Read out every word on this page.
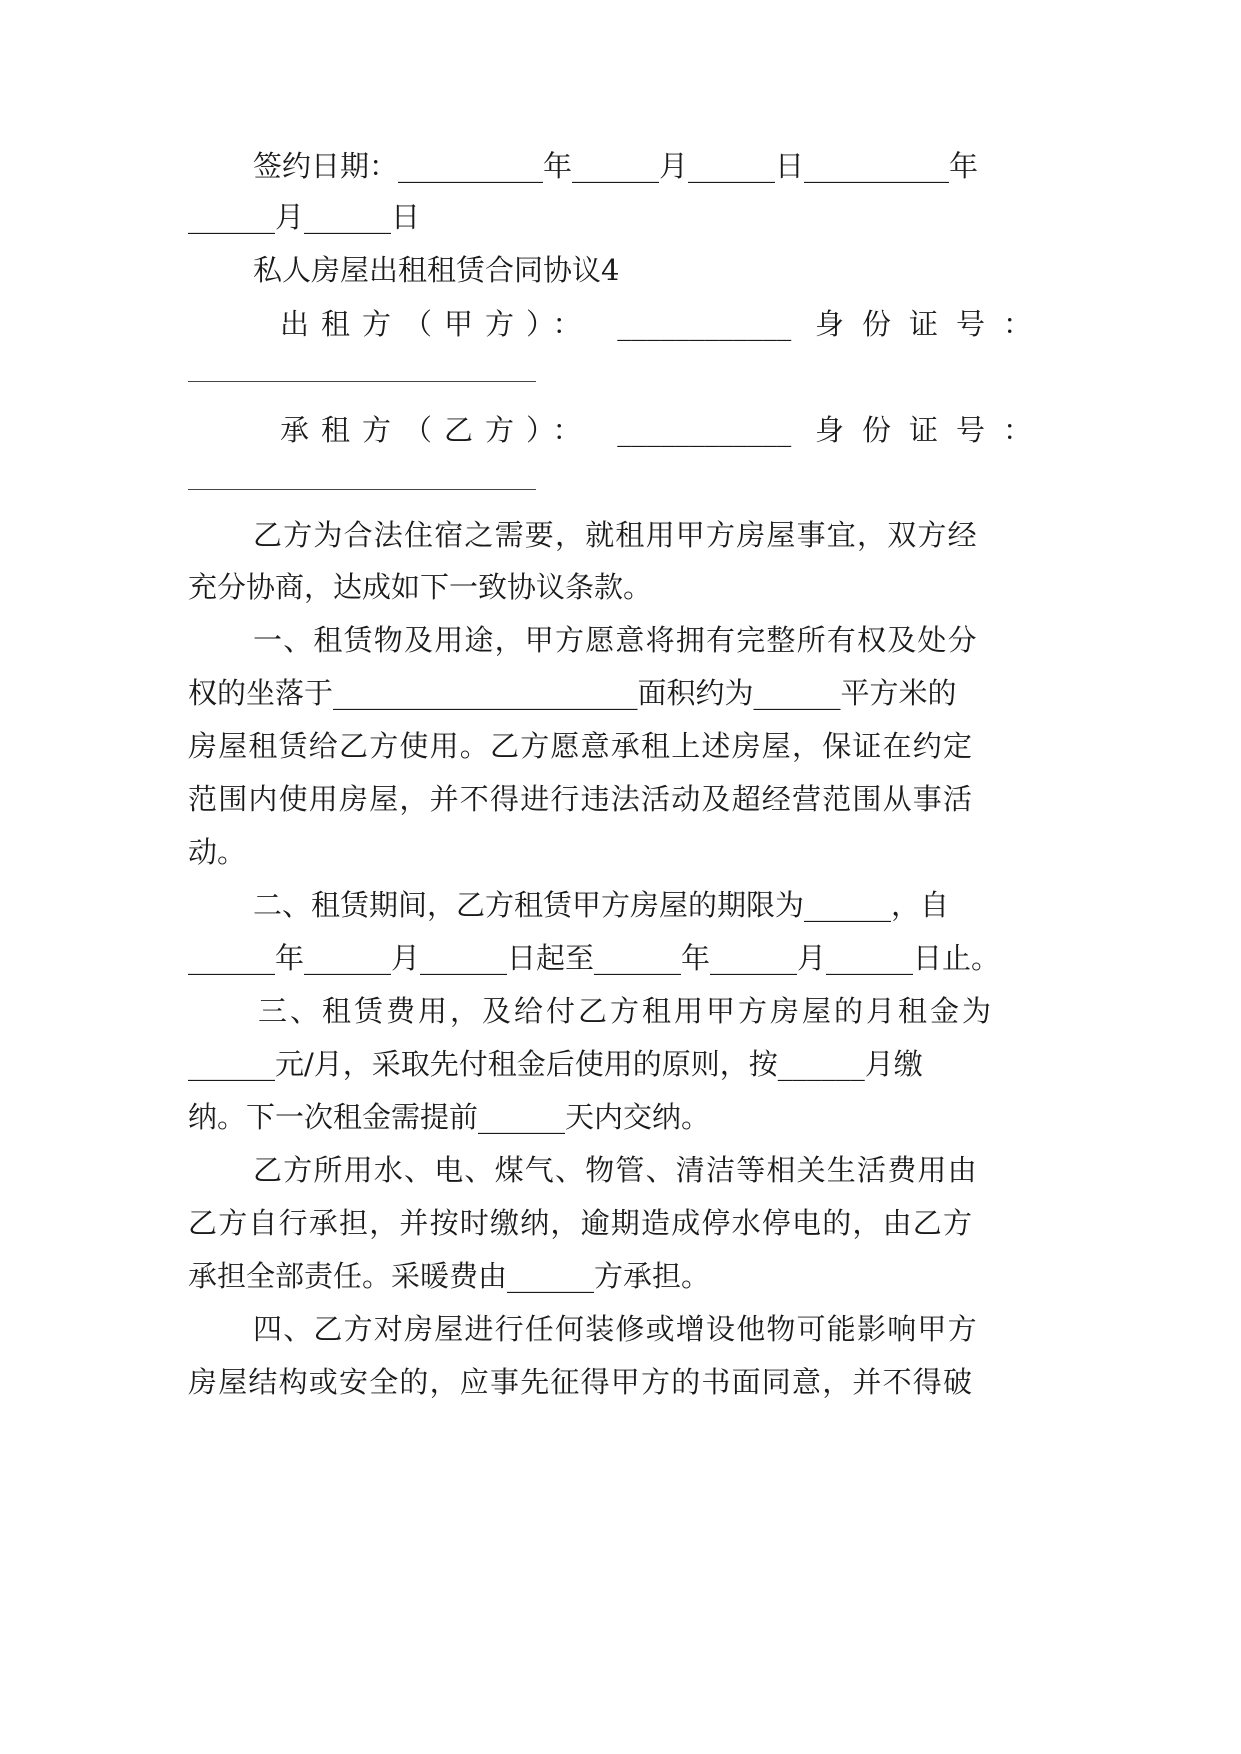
签约日期：__________年______月______日__________年
______月______日
私人房屋出租租赁合同协议4
出租方（甲方）： ____________ 身份证号：
承租方（乙方）： ____________ 身份证号：
乙方为合法住宿之需要，就租用甲方房屋事宜，双方经
充分协商，达成如下一致协议条款。
一、租赁物及用途，甲方愿意将拥有完整所有权及处分
权的坐落于_____________________面积约为______平方米的
房屋租赁给乙方使用。乙方愿意承租上述房屋，保证在约定
范围内使用房屋，并不得进行违法活动及超经营范围从事活
动。
二、租赁期间，乙方租赁甲方房屋的期限为______，自
______年______月______日起至______年______月______日止。
三、租赁费用，及给付乙方租用甲方房屋的月租金为
______元/月，采取先付租金后使用的原则，按______月缴
纳。下一次租金需提前______天内交纳。
乙方所用水、电、煤气、物管、清洁等相关生活费用由
乙方自行承担，并按时缴纳，逾期造成停水停电的，由乙方
承担全部责任。采暖费由______方承担。
四、乙方对房屋进行任何装修或增设他物可能影响甲方
房屋结构或安全的，应事先征得甲方的书面同意，并不得破
